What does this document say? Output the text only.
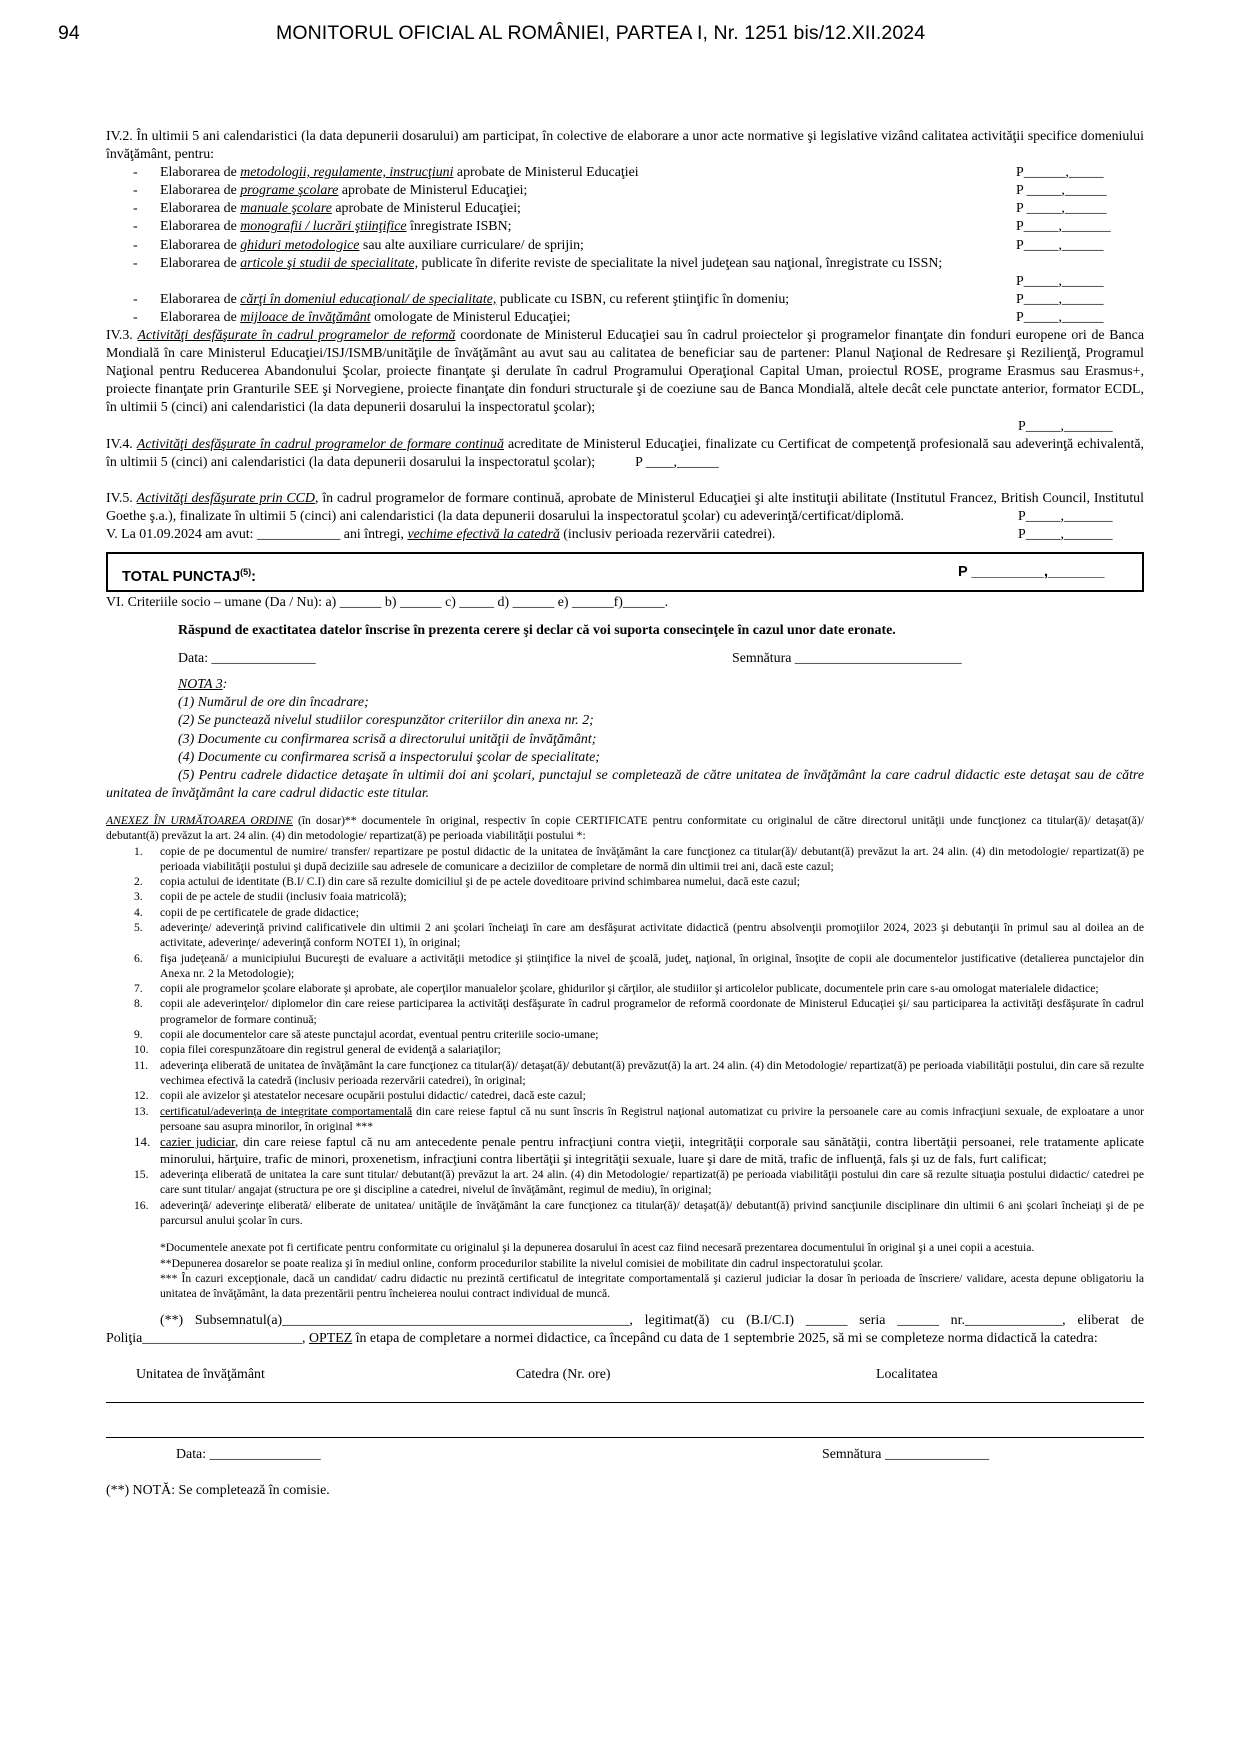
94	MONITORUL OFICIAL AL ROMÂNIEI, PARTEA I, Nr. 1251 bis/12.XII.2024

IV.2. În ultimii 5 ani calendaristici (la data depunerii dosarului) am participat, în colective de elaborare a unor acte normative şi legislative vizând calitatea activităţii specifice domeniului învăţământ, pentru:

- Elaborarea de metodologii, regulamente, instrucţiuni aprobate de Ministerul Educaţiei	P______,_____
- Elaborarea de programe şcolare aprobate de Ministerul Educaţiei;	P _____,______
- Elaborarea de manuale şcolare aprobate de Ministerul Educaţiei;	P _____,______
- Elaborarea de monografii / lucrări ştiinţifice înregistrate ISBN;	P_____,_______
- Elaborarea de ghiduri metodologice sau alte auxiliare curriculare/ de sprijin;	P_____,______
- Elaborarea de articole şi studii de specialitate, publicate în diferite reviste de specialitate la nivel judeţean sau naţional, înregistrate cu ISSN;
P_____,______
- Elaborarea de cărţi în domeniul educaţional/ de specialitate, publicate cu ISBN, cu referent ştiinţific în domeniu;	P_____,______
- Elaborarea de mijloace de învăţământ omologate de Ministerul Educaţiei;	P_____,______

IV.3. Activităţi desfăşurate în cadrul programelor de reformă coordonate de Ministerul Educaţiei sau în cadrul proiectelor şi programelor finanţate din fonduri europene ori de Banca Mondială în care Ministerul Educaţiei/ISJ/ISMB/unităţile de învăţământ au avut sau au calitatea de beneficiar sau de partener: Planul Naţional de Redresare şi Rezilienţă, Programul Naţional pentru Reducerea Abandonului Şcolar, proiecte finanţate şi derulate în cadrul Programului Operaţional Capital Uman, proiectul ROSE, programe Erasmus sau Erasmus+, proiecte finanţate prin Granturile SEE şi Norvegiene, proiecte finanţate din fonduri structurale şi de coeziune sau de Banca Mondială, altele decât cele punctate anterior, formator ECDL, în ultimii 5 (cinci) ani calendaristici (la data depunerii dosarului la inspectoratul şcolar);

P_____,_______

IV.4. Activităţi desfăşurate în cadrul programelor de formare continuă acreditate de Ministerul Educaţiei, finalizate cu Certificat de competenţă profesională sau adeverinţă echivalentă, în ultimii 5 (cinci) ani calendaristici (la data depunerii dosarului la inspectoratul şcolar);	P ____,______

IV.5. Activităţi desfăşurate prin CCD, în cadrul programelor de formare continuă, aprobate de Ministerul Educaţiei şi alte instituţii abilitate (Institutul Francez, British Council, Institutul Goethe ş.a.), finalizate în ultimii 5 (cinci) ani calendaristici (la data depunerii dosarului la inspectoratul şcolar) cu adeverinţă/certificat/diplomă.	P_____,_______
V. La 01.09.2024 am avut: ____________ ani întregi, vechime efectivă la catedră (inclusiv perioada rezervării catedrei).	P_____,_______
TOTAL PUNCTAJ$^{(5)}$:	P _________,_______

VI. Criteriile socio – umane (Da / Nu): a) ______ b) ______ c) _____ d) ______ e) ______f)______.

Răspund de exactitatea datelor înscrise în prezenta cerere şi declar că voi suporta consecinţele în cazul unor date eronate.

Data: _______________	Semnătura ________________________

NOTA 3:

(1) Numărul de ore din încadrare;

(2) Se punctează nivelul studiilor corespunzător criteriilor din anexa nr. 2;

(3) Documente cu confirmarea scrisă a directorului unităţii de învăţământ;

(4) Documente cu confirmarea scrisă a inspectorului şcolar de specialitate;

(5) Pentru cadrele didactice detaşate în ultimii doi ani şcolari, punctajul se completează de către unitatea de învăţământ la care cadrul didactic este detaşat sau de către unitatea de învăţământ la care cadrul didactic este titular.

ANEXEZ ÎN URMĂTOAREA ORDINE (în dosar)** documentele în original, respectiv în copie CERTIFICATE pentru conformitate cu originalul de către directorul unităţii unde funcţionez ca titular(ă)/ detaşat(ă)/ debutant(ă) prevăzut la art. 24 alin. (4) din metodologie/ repartizat(ă) pe perioada viabilităţii postului *:

1. copie de pe documentul de numire/ transfer/ repartizare pe postul didactic de la unitatea de învăţământ la care funcţionez ca titular(ă)/ debutant(ă) prevăzut la art. 24 alin. (4) din metodologie/ repartizat(ă) pe perioada viabilităţii postului şi după deciziile sau adresele de comunicare a deciziilor de completare de normă din ultimii trei ani, dacă este cazul;
2. copia actului de identitate (B.I/ C.I) din care să rezulte domiciliul şi de pe actele doveditoare privind schimbarea numelui, dacă este cazul;
3. copii de pe actele de studii (inclusiv foaia matricolă);
4. copii de pe certificatele de grade didactice;
5. adeverinţe/ adeverinţă privind calificativele din ultimii 2 ani şcolari încheiaţi în care am desfăşurat activitate didactică (pentru absolvenţii promoţiilor 2024, 2023 şi debutanţii în primul sau al doilea an de activitate, adeverinţe/ adeverinţă conform NOTEI 1), în original;
6. fişa judeţeană/ a municipiului Bucureşti de evaluare a activităţii metodice şi ştiinţifice la nivel de şcoală, judeţ, naţional, în original, însoţite de copii ale documentelor justificative (detalierea punctajelor din Anexa nr. 2 la Metodologie);
7. copii ale programelor şcolare elaborate şi aprobate, ale coperţilor manualelor şcolare, ghidurilor şi cărţilor, ale studiilor şi articolelor publicate, documentele prin care s-au omologat materialele didactice;
8. copii ale adeverinţelor/ diplomelor din care reiese participarea la activităţi desfăşurate în cadrul programelor de reformă coordonate de Ministerul Educaţiei şi/ sau participarea la activităţi desfăşurate în cadrul programelor de formare continuă;
9. copii ale documentelor care să ateste punctajul acordat, eventual pentru criteriile socio-umane;
10. copia filei corespunzătoare din registrul general de evidenţă a salariaţilor;
11. adeverinţa eliberată de unitatea de învăţământ la care funcţionez ca titular(ă)/ detaşat(ă)/ debutant(ă) prevăzut(ă) la art. 24 alin. (4) din Metodologie/ repartizat(ă) pe perioada viabilităţii postului, din care să rezulte vechimea efectivă la catedră (inclusiv perioada rezervării catedrei), în original;
12. copii ale avizelor şi atestatelor necesare ocupării postului didactic/ catedrei, dacă este cazul;
13. certificatul/adeverinţa de integritate comportamentală din care reiese faptul că nu sunt înscris în Registrul naţional automatizat cu privire la persoanele care au comis infracţiuni sexuale, de exploatare a unor persoane sau asupra minorilor, în original ***
14. cazier judiciar, din care reiese faptul că nu am antecedente penale pentru infracţiuni contra vieţii, integrităţii corporale sau sănătăţii, contra libertăţii persoanei, rele tratamente aplicate minorului, hărţuire, trafic de minori, proxenetism, infracţiuni contra libertăţii şi integrităţii sexuale, luare şi dare de mită, trafic de influenţă, fals şi uz de fals, furt calificat;
15. adeverinţa eliberată de unitatea la care sunt titular/ debutant(ă) prevăzut la art. 24 alin. (4) din Metodologie/ repartizat(ă) pe perioada viabilităţii postului din care să rezulte situaţia postului didactic/ catedrei pe care sunt titular/ angajat (structura pe ore şi discipline a catedrei, nivelul de învăţământ, regimul de mediu), în original;
16. adeverinţă/ adeverinţe eliberată/ eliberate de unitatea/ unităţile de învăţământ la care funcţionez ca titular(ă)/ detaşat(ă)/ debutant(ă) privind sancţiunile disciplinare din ultimii 6 ani şcolari încheiaţi şi de pe parcursul anului şcolar în curs.

*Documentele anexate pot fi certificate pentru conformitate cu originalul şi la depunerea dosarului în acest caz fiind necesară prezentarea documentului în original şi a unei copii a acestuia.

**Depunerea dosarelor se poate realiza şi în mediul online, conform procedurilor stabilite la nivelul comisiei de mobilitate din cadrul inspectoratului şcolar.

*** În cazuri excepţionale, dacă un candidat/ cadru didactic nu prezintă certificatul de integritate comportamentală şi cazierul judiciar la dosar în perioada de înscriere/ validare, acesta depune obligatoriu la unitatea de învăţământ, la data prezentării pentru încheierea noului contract individual de muncă.

(**) Subsemnatul(a)__________________________________________________, legitimat(ă) cu (B.I/C.I) ______ seria ______ nr.______________, eliberat de Poliţia_______________________, OPTEZ în etapa de completare a normei didactice, ca începând cu data de 1 septembrie 2025, să mi se completeze norma didactică la catedra:

Unitatea de învăţământ	Catedra (Nr. ore)	Localitatea
Data: ________________	Semnătura _______________

(**) NOTĂ: Se completează în comisie.
